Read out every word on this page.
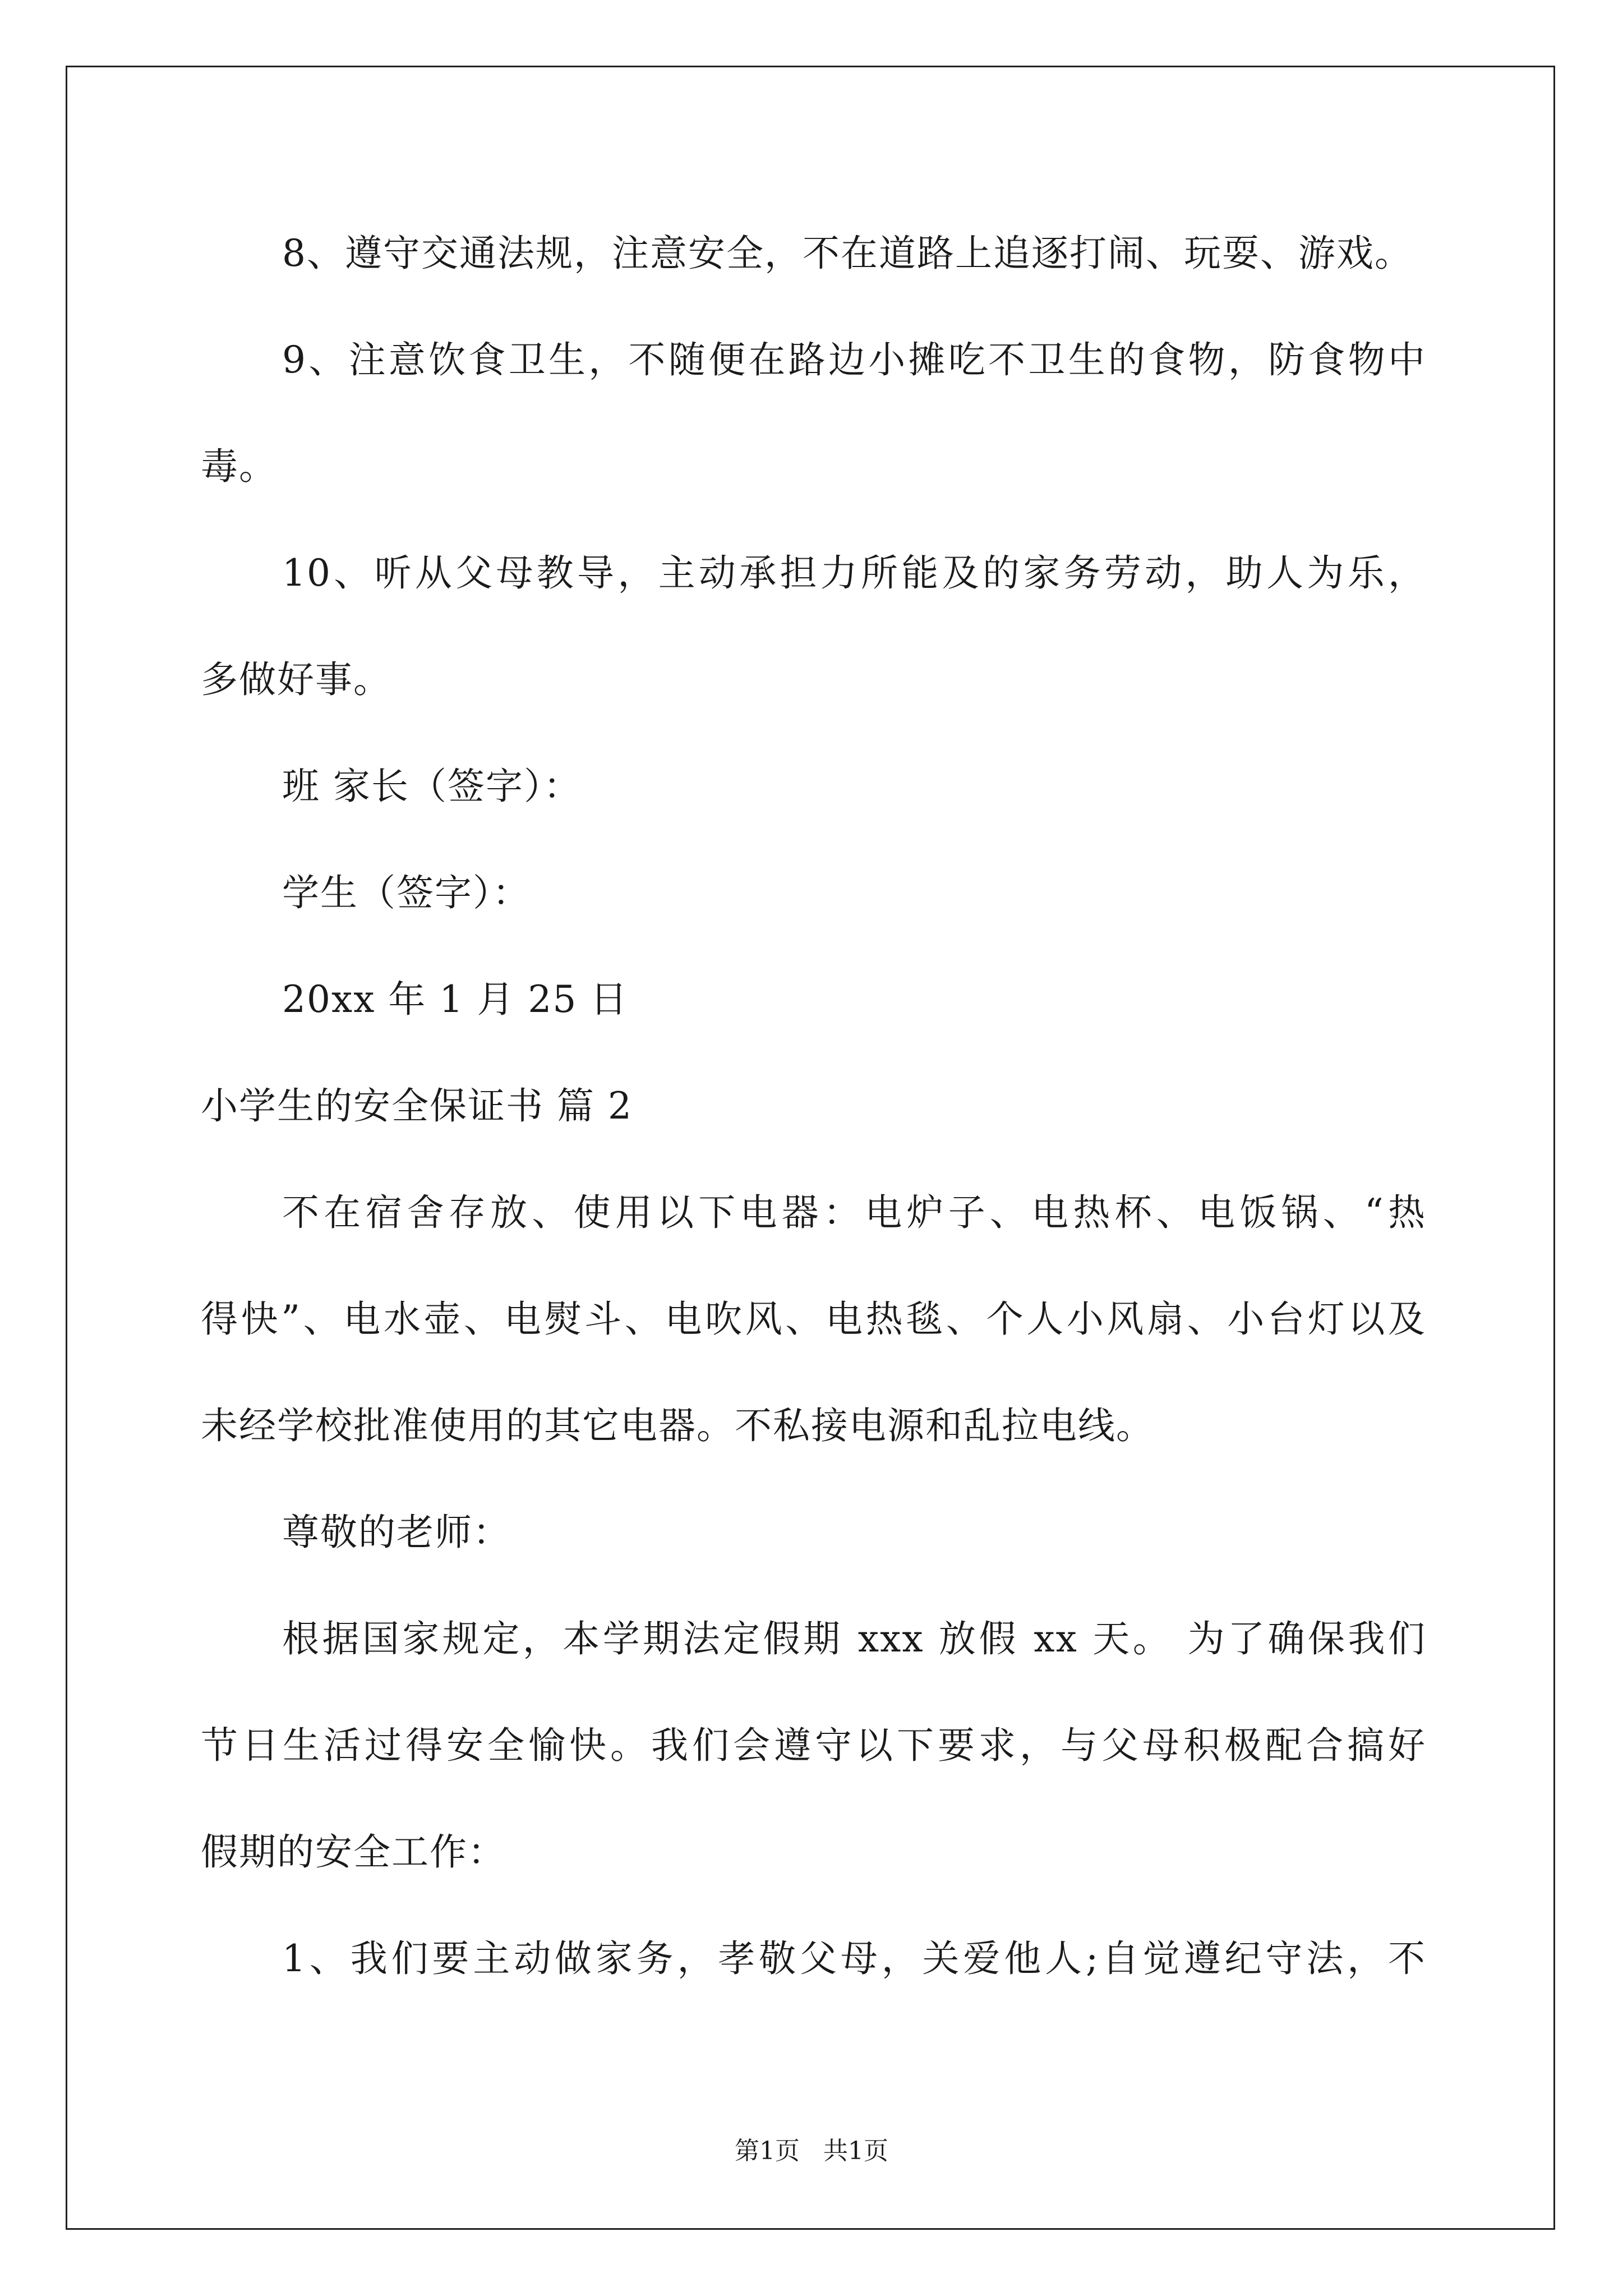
8、遵守交通法规，注意安全，不在道路上追逐打闹、玩耍、游戏。
9、注意饮食卫生，不随便在路边小摊吃不卫生的食物，防食物中
毒。
10、听从父母教导，主动承担力所能及的家务劳动，助人为乐，
多做好事。
班 家长（签字）：
学生（签字）：
20xx 年 1 月 25 日
小学生的安全保证书 篇 2
不在宿舍存放、使用以下电器：电炉子、电热杯、电饭锅、“热
得快”、电水壶、电熨斗、电吹风、电热毯、个人小风扇、小台灯以及
未经学校批准使用的其它电器。不私接电源和乱拉电线。
尊敬的老师：
根据国家规定，本学期法定假期 xxx 放假 xx 天。 为了确保我们
节日生活过得安全愉快。我们会遵守以下要求，与父母积极配合搞好
假期的安全工作：
1、我们要主动做家务，孝敬父母，关爱他人;自觉遵纪守法，不
第1页   共1页
